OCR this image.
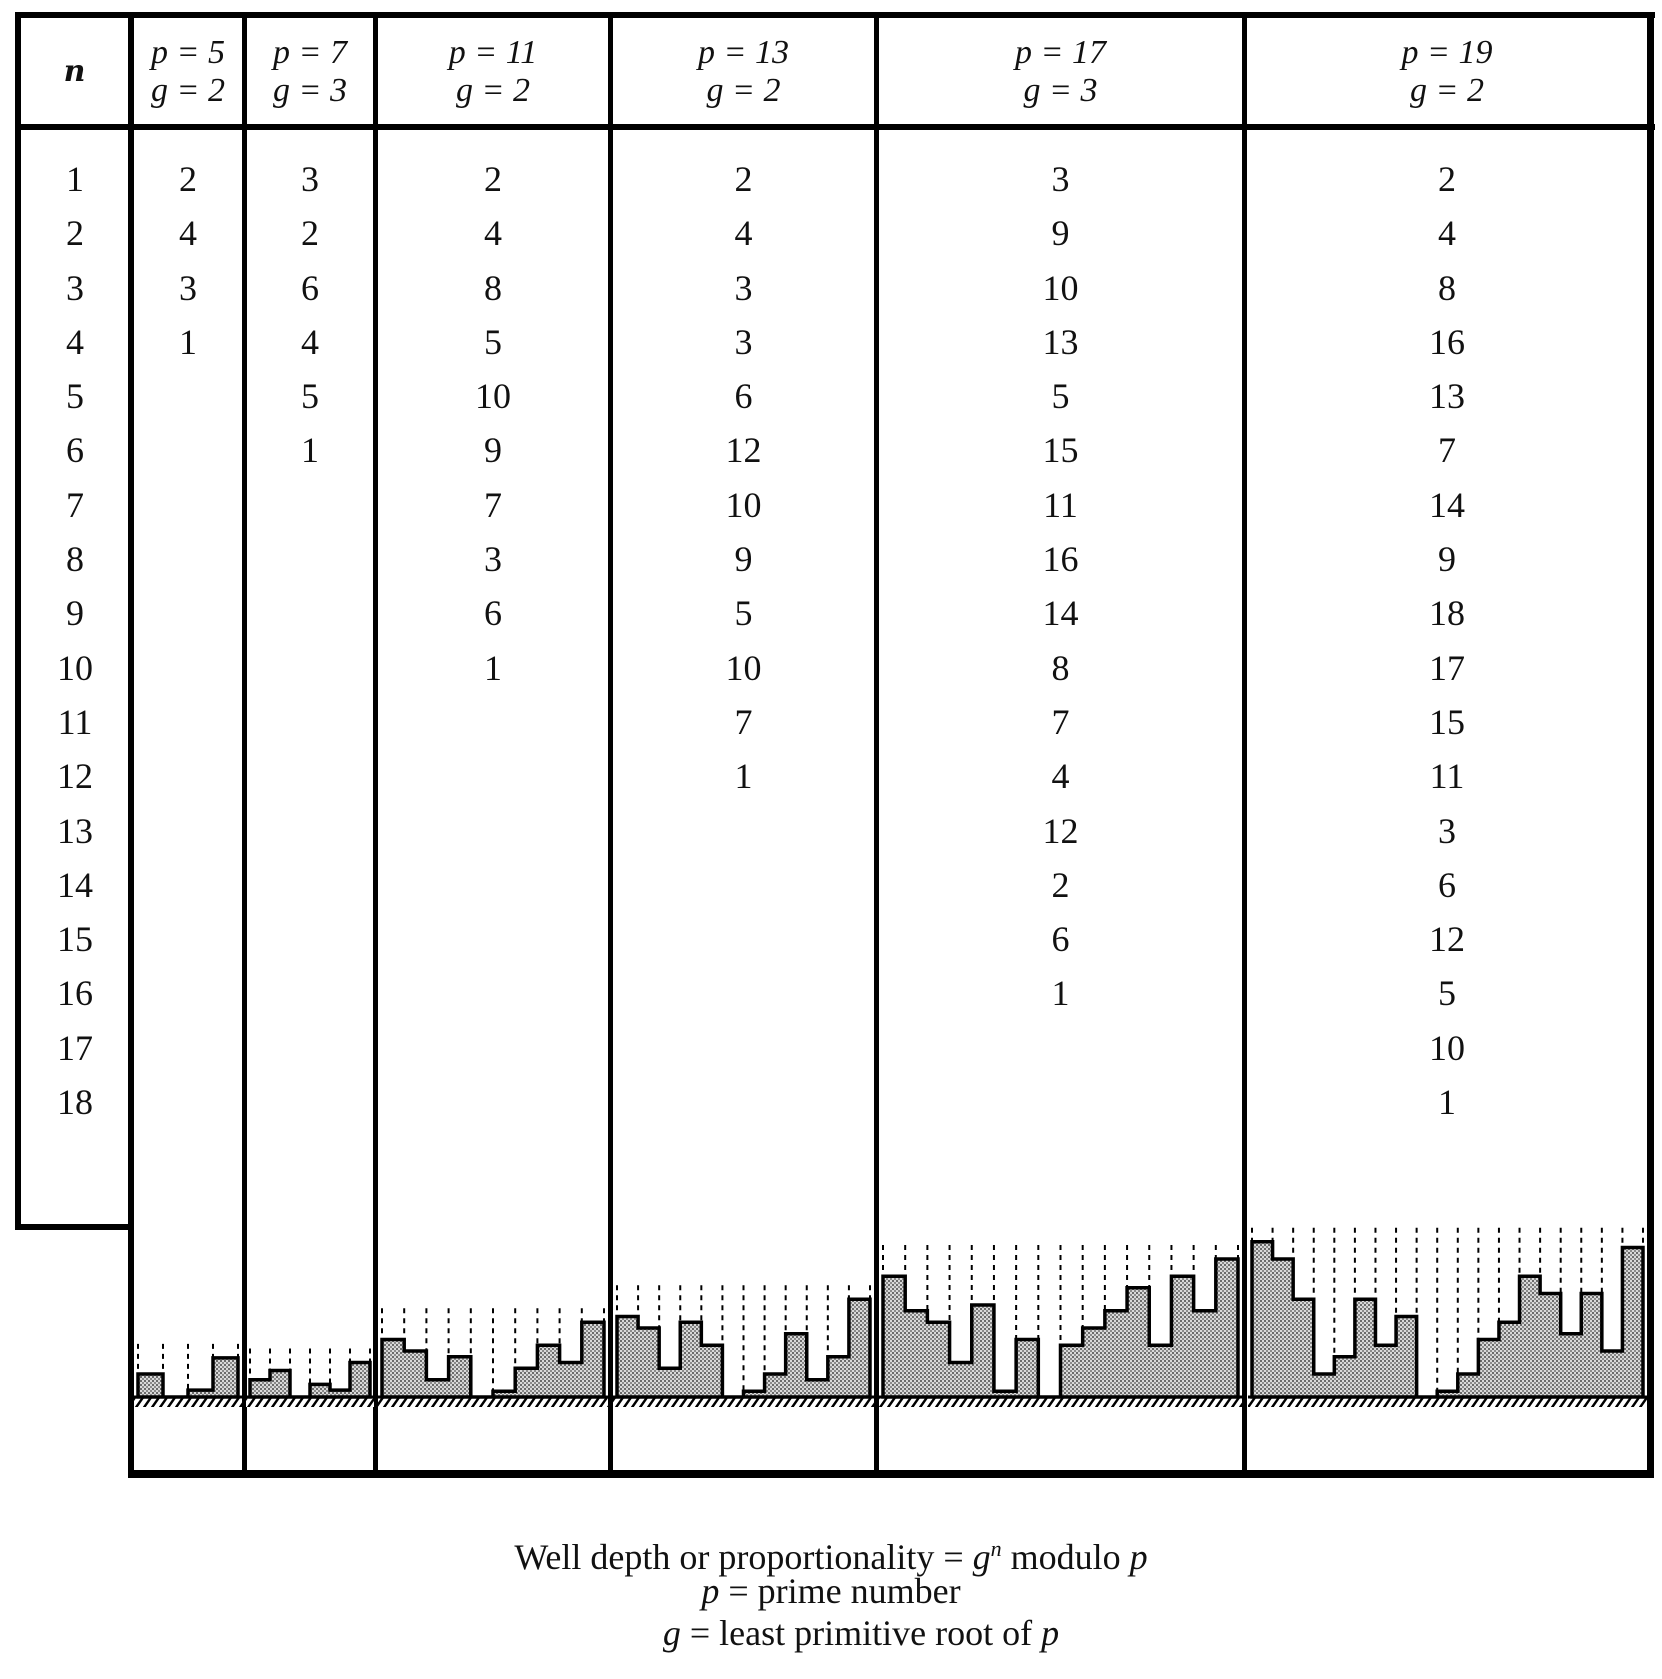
n
p = 5
g = 2
p = 7
g = 3
p = 11
g = 2
p = 13
g = 2
p = 17
g = 3
p = 19
g = 2
1
2
3
4
5
6
7
8
9
10
11
12
13
14
15
16
17
18
2
4
3
1
3
2
6
4
5
1
2
4
8
5
10
9
7
3
6
1
2
4
3
3
6
12
10
9
5
10
7
1
3
9
10
13
5
15
11
16
14
8
7
4
12
2
6
1
2
4
8
16
13
7
14
9
18
17
15
11
3
6
12
5
10
1
Well depth or proportionality = $g^n$ modulo p
p = prime number
g = least primitive root of p
